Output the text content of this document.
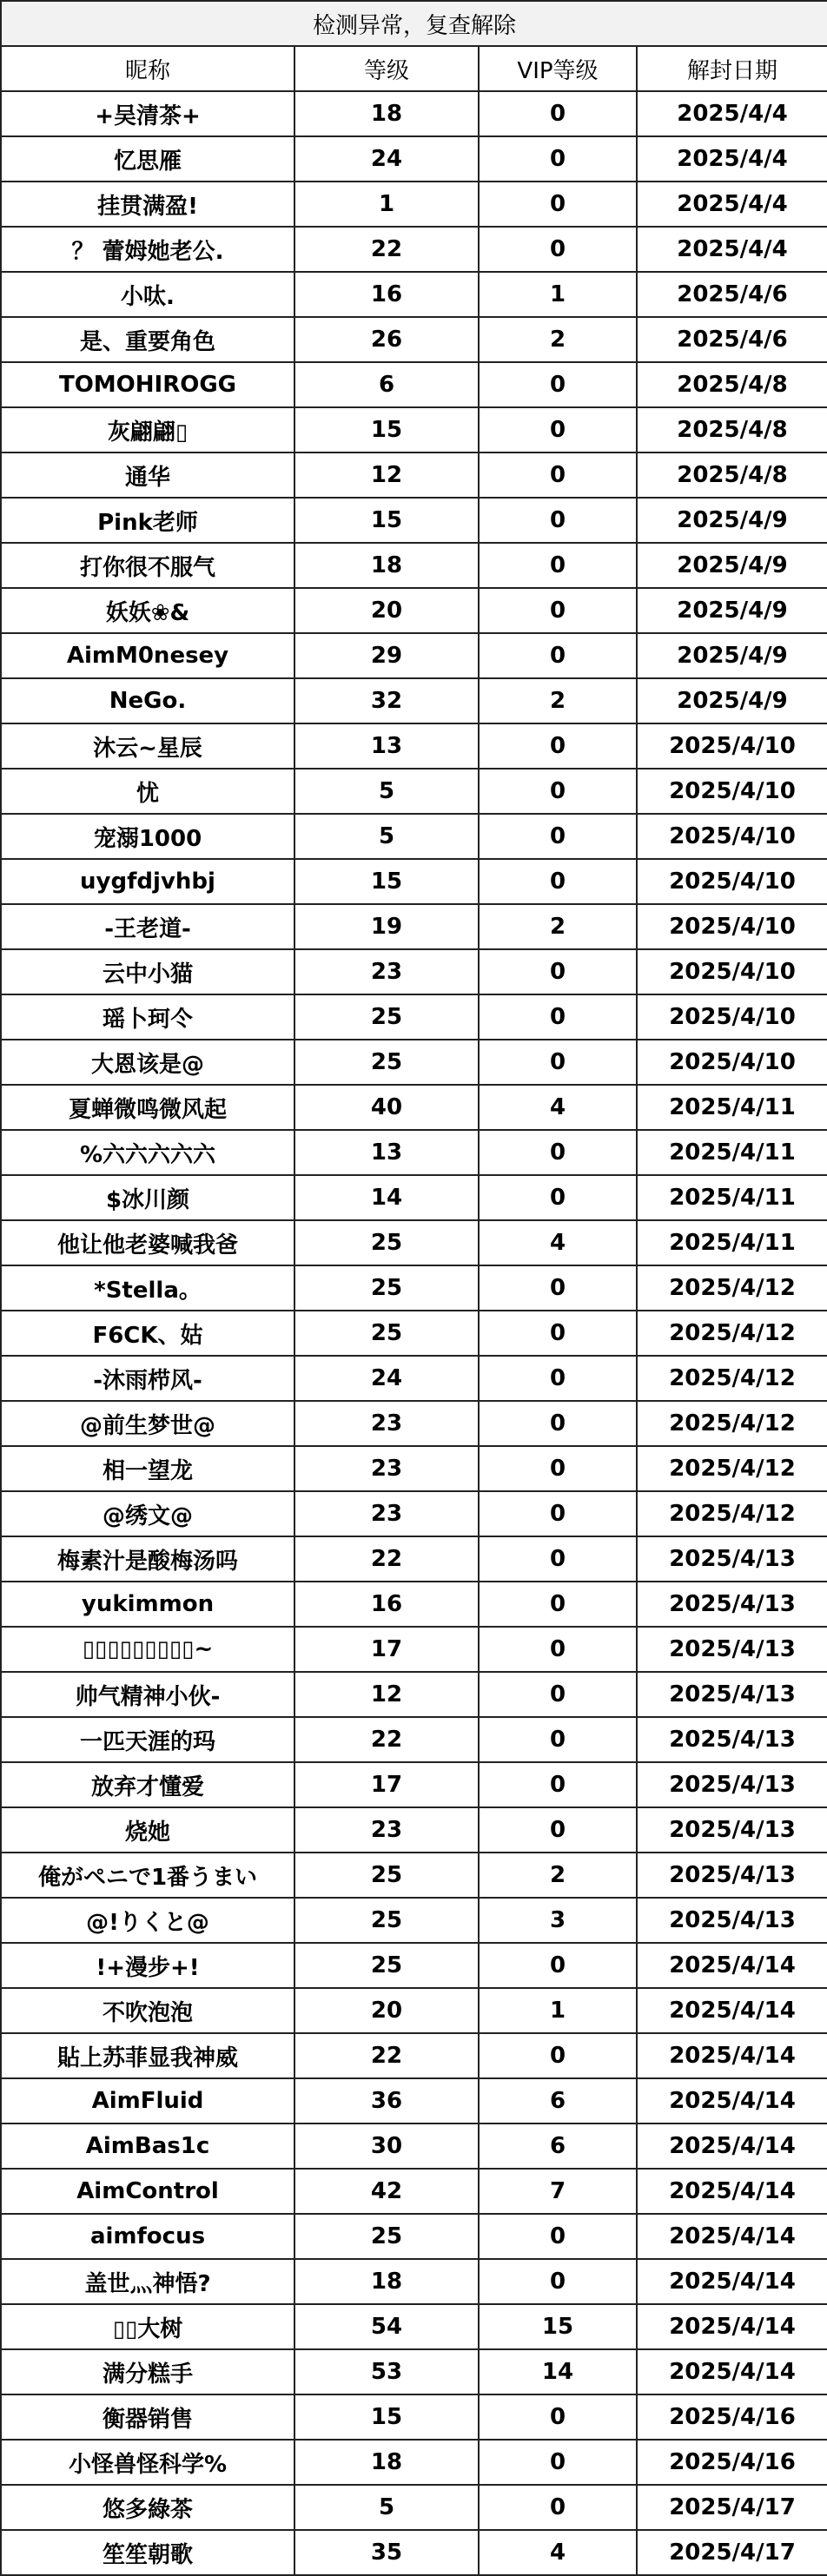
检测异常，复查解除			
昵称	等级	VIP等级	解封日期
+吴清茶+	18	0	2025/4/4
忆思雁	24	0	2025/4/4
挂贯满盈!	1	0	2025/4/4
？ 蕾姆她老公.	22	0	2025/4/4
小呔.	16	1	2025/4/6
是、重要角色	26	2	2025/4/6
TOMOHIROGG	6	0	2025/4/8
灰翩翩▯	15	0	2025/4/8
通华	12	0	2025/4/8
Pink老师	15	0	2025/4/9
打你很不服气	18	0	2025/4/9
妖妖❀&	20	0	2025/4/9
AimM0nesey	29	0	2025/4/9
NeGo.	32	2	2025/4/9
沐云~星辰	13	0	2025/4/10
忧	5	0	2025/4/10
宠溺1000	5	0	2025/4/10
uygfdjvhbj	15	0	2025/4/10
-王老道-	19	2	2025/4/10
云中小猫	23	0	2025/4/10
瑶卜珂仒	25	0	2025/4/10
大恩该是@	25	0	2025/4/10
夏蝉微鸣微风起	40	4	2025/4/11
%六六六六六	13	0	2025/4/11
$冰川颜	14	0	2025/4/11
他让他老婆喊我爸	25	4	2025/4/11
*Stella。	25	0	2025/4/12
F6CK、姑	25	0	2025/4/12
-沐雨栉风-	24	0	2025/4/12
@前生梦世@	23	0	2025/4/12
相一望龙	23	0	2025/4/12
@绣文@	23	0	2025/4/12
梅素汁是酸梅汤吗	22	0	2025/4/13
yukimmon	16	0	2025/4/13
▯▯▯▯▯▯▯▯▯~	17	0	2025/4/13
帅气精神小伙-	12	0	2025/4/13
一匹天涯的玛	22	0	2025/4/13
放弃才懂爱	17	0	2025/4/13
烧她	23	0	2025/4/13
俺がペニで1番うまい	25	2	2025/4/13
@!りくと@	25	3	2025/4/13
!+漫步+!	25	0	2025/4/14
不吹泡泡	20	1	2025/4/14
貼上苏菲显我神威	22	0	2025/4/14
AimFluid	36	6	2025/4/14
AimBas1c	30	6	2025/4/14
AimControl	42	7	2025/4/14
aimfocus	25	0	2025/4/14
盖世灬神悟?	18	0	2025/4/14
▯▯大树	54	15	2025/4/14
满分糕手	53	14	2025/4/14
衡器销售	15	0	2025/4/16
小怪兽怪科学%	18	0	2025/4/16
悠多綠茶	5	0	2025/4/17
笙笙朝歌	35	4	2025/4/17
